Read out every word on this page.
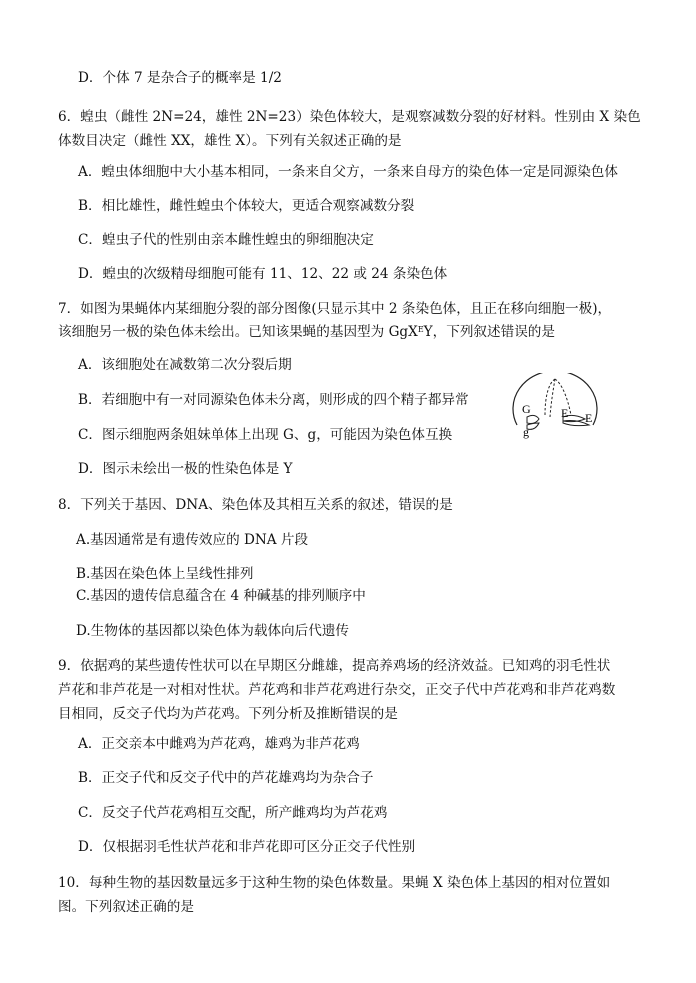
D．个体 7 是杂合子的概率是 1/2
6．蝗虫（雌性 2N=24，雄性 2N=23）染色体较大，是观察减数分裂的好材料。性别由 X 染色
体数目决定（雌性 XX，雄性 X）。下列有关叙述正确的是
A．蝗虫体细胞中大小基本相同，一条来自父方，一条来自母方的染色体一定是同源染色体
B．相比雄性，雌性蝗虫个体较大，更适合观察减数分裂
C．蝗虫子代的性别由亲本雌性蝗虫的卵细胞决定
D．蝗虫的次级精母细胞可能有 11、12、22 或 24 条染色体
7．如图为果蝇体内某细胞分裂的部分图像(只显示其中 2 条染色体，且正在移向细胞一极)，
该细胞另一极的染色体未绘出。已知该果蝇的基因型为 GgX$^E$Y，下列叙述错误的是
A．该细胞处在减数第二次分裂后期
B．若细胞中有一对同源染色体未分离，则形成的四个精子都异常
C．图示细胞两条姐妹单体上出现 G、g，可能因为染色体互换
D．图示未绘出一极的性染色体是 Y
G
g
E E
8．下列关于基因、DNA、染色体及其相互关系的叙述，错误的是
A.基因通常是有遗传效应的 DNA 片段
B.基因在染色体上呈线性排列
C.基因的遗传信息蕴含在 4 种碱基的排列顺序中
D.生物体的基因都以染色体为载体向后代遗传
9．依据鸡的某些遗传性状可以在早期区分雌雄，提高养鸡场的经济效益。已知鸡的羽毛性状
芦花和非芦花是一对相对性状。芦花鸡和非芦花鸡进行杂交，正交子代中芦花鸡和非芦花鸡数
目相同，反交子代均为芦花鸡。下列分析及推断错误的是
A．正交亲本中雌鸡为芦花鸡，雄鸡为非芦花鸡
B．正交子代和反交子代中的芦花雄鸡均为杂合子
C．反交子代芦花鸡相互交配，所产雌鸡均为芦花鸡
D．仅根据羽毛性状芦花和非芦花即可区分正交子代性别
10．每种生物的基因数量远多于这种生物的染色体数量。果蝇 X 染色体上基因的相对位置如
图。下列叙述正确的是
